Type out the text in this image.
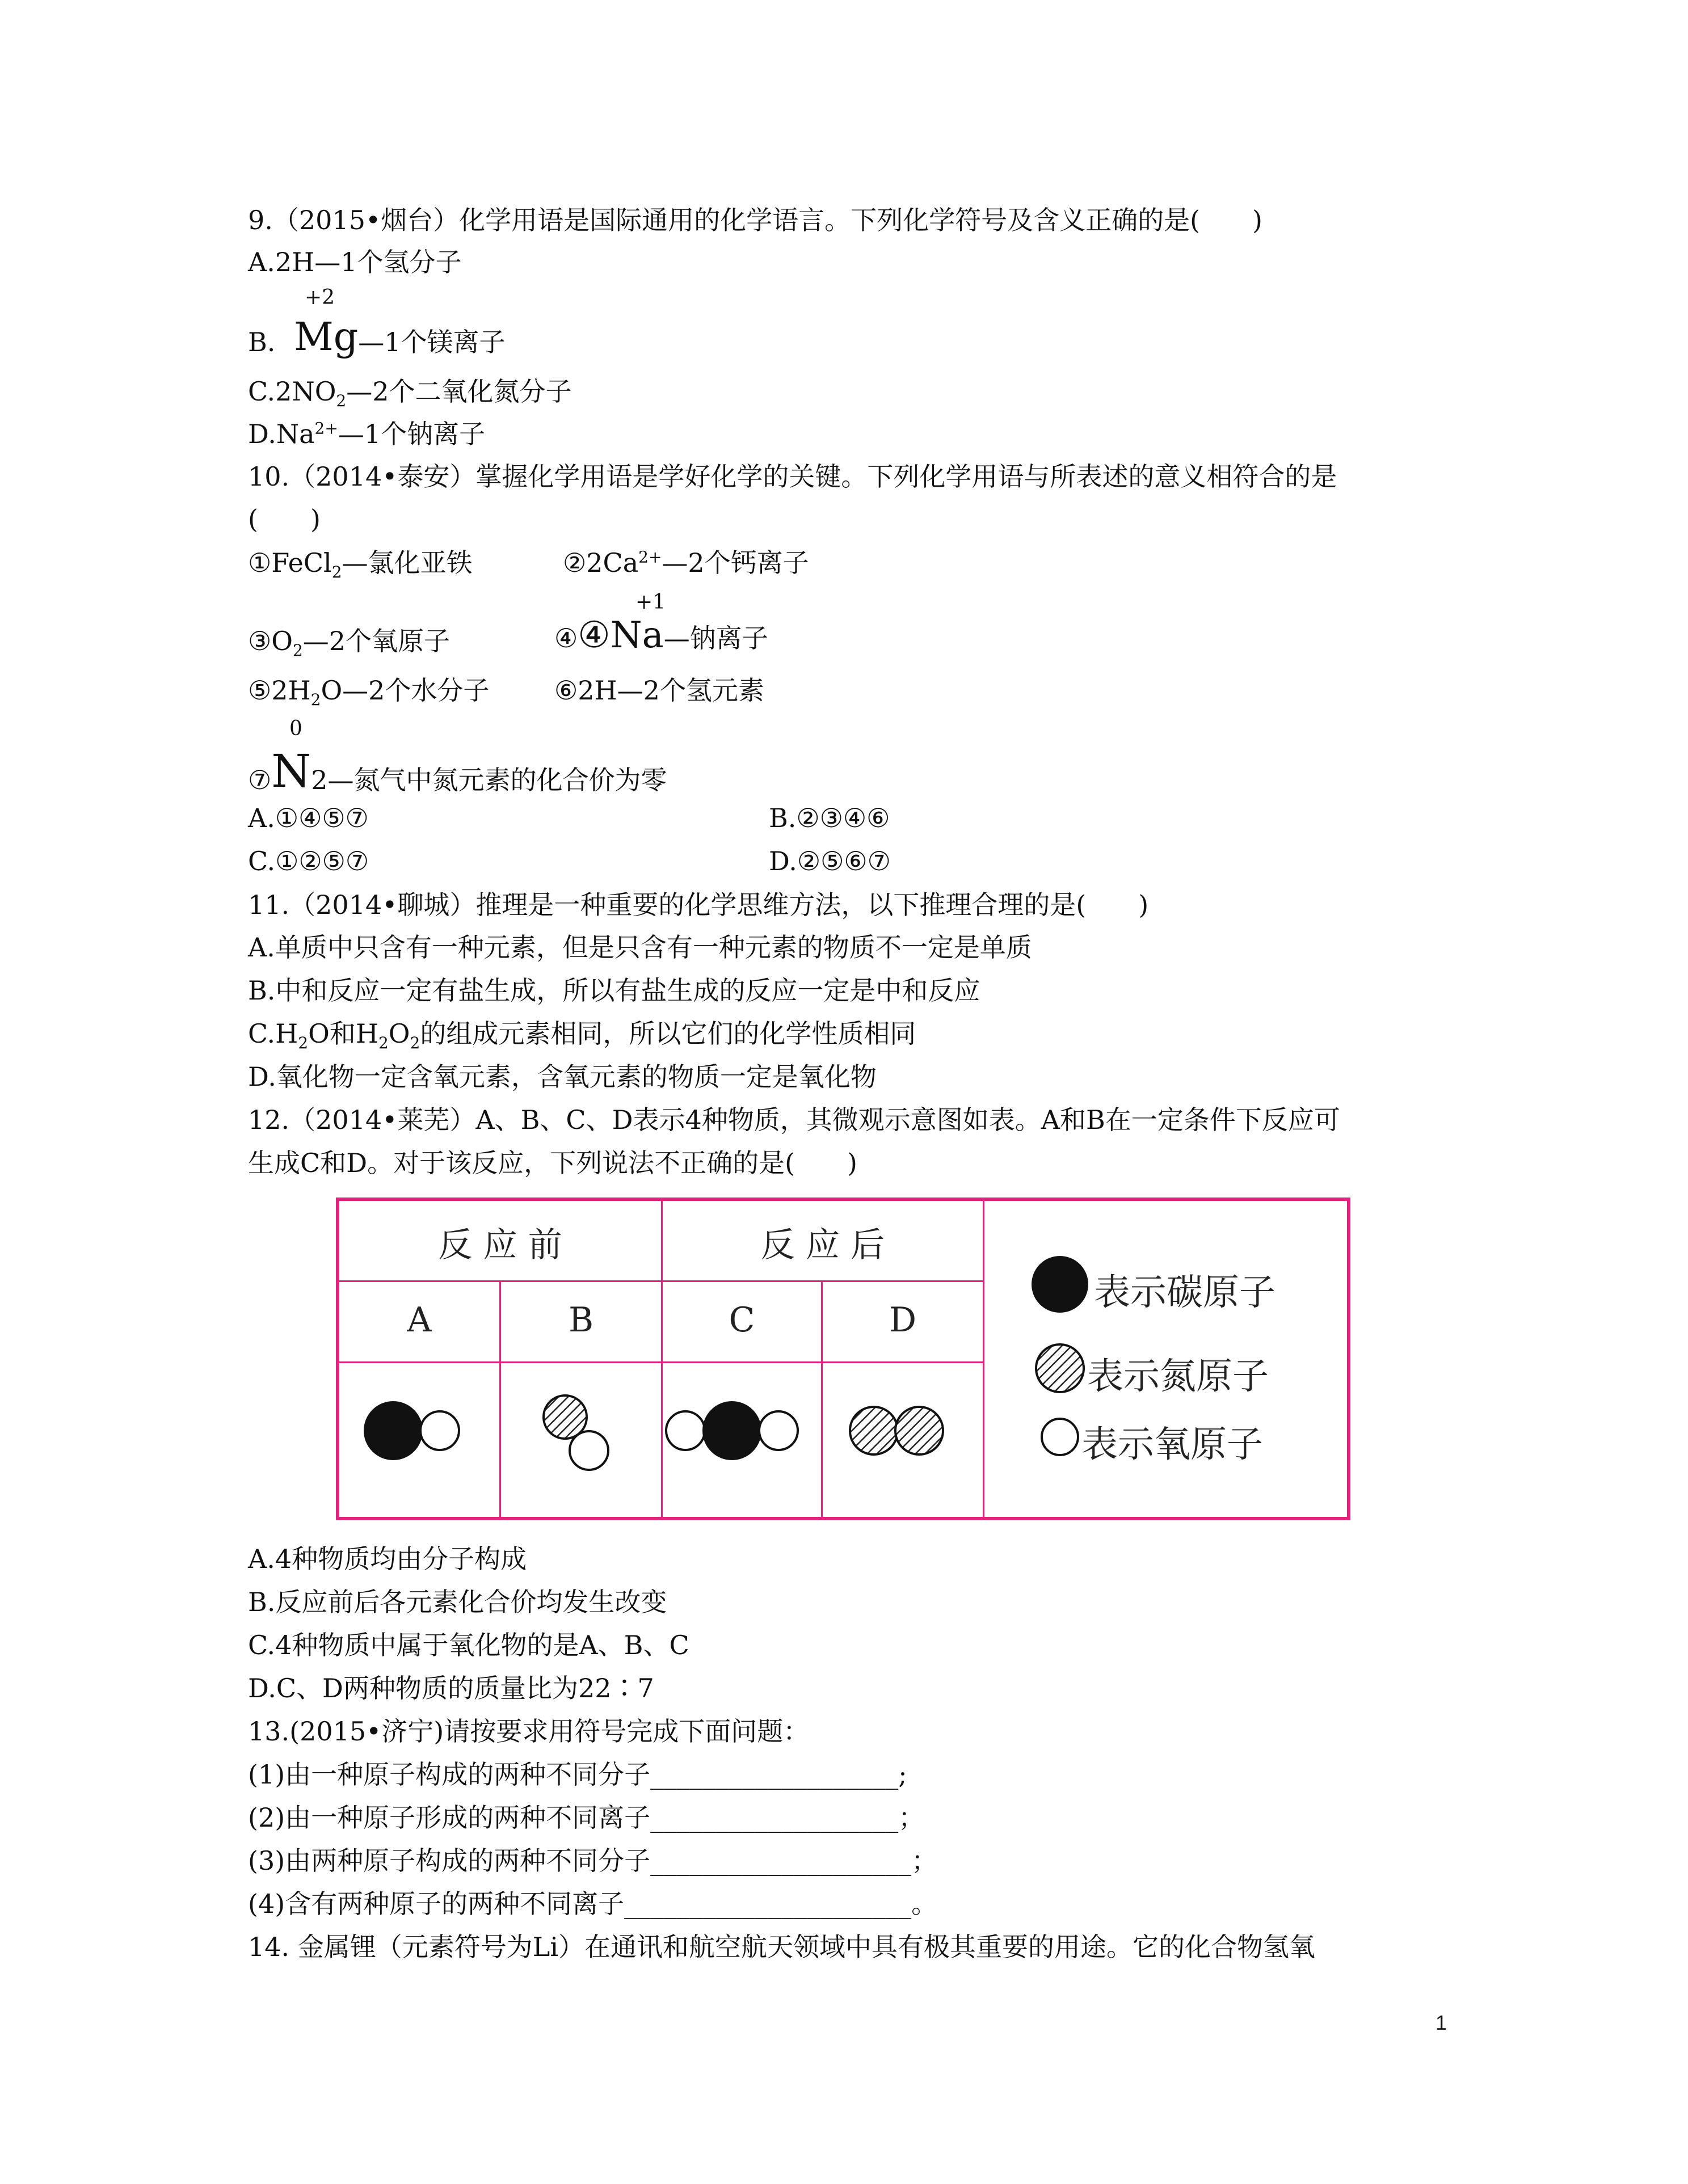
9.（2015•烟台）化学用语是国际通用的化学语言。下列化学符号及含义正确的是(　　)
A.2H—1个氢分子
+2
B. Mg—1个镁离子
$C.2NO_2—2$个二氧化氮分子
$D.Na^{2+}—1$个钠离子
10.（2014•泰安）掌握化学用语是学好化学的关键。下列化学用语与所表述的意义相符合的是
(　　)
①FeCl$_2$—氯化亚铁	$②2Ca^{2+}—2$个钙离子
$③O_2—2$个氧原子
+1
④④Na—钠离子
$⑤2H_2O—2$个水分子 ⑥2H—2个氢元素
0
⑦N2—氮气中氮元素的化合价为零
A.①④⑤⑦	B.②③④⑥
C.①②⑤⑦	D.②⑤⑥⑦
11.（2014•聊城）推理是一种重要的化学思维方法，以下推理合理的是(　　)
A.单质中只含有一种元素，但是只含有一种元素的物质不一定是单质
B.中和反应一定有盐生成，所以有盐生成的反应一定是中和反应
$C.H_2O$和$H_2O_2$的组成元素相同，所以它们的化学性质相同
D.氧化物一定含氧元素，含氧元素的物质一定是氧化物
12.（2014•莱芜）A、B、C、D表示4种物质，其微观示意图如表。A和B在一定条件下反应可
生成C和D。对于该反应，下列说法不正确的是(　　)
反 应 前	反 应 后
A	B	C	D
表示碳原子
表示氮原子
表示氧原子
A.4种物质均由分子构成
B.反应前后各元素化合价均发生改变
C.4种物质中属于氧化物的是A、B、C
D.C、D两种物质的质量比为22∶7
13.(2015•济宁)请按要求用符号完成下面问题：
(1)由一种原子构成的两种不同分子___________________;
(2)由一种原子形成的两种不同离子___________________；
(3)由两种原子构成的两种不同分子____________________；
(4)含有两种原子的两种不同离子______________________。
14. 金属锂（元素符号为Li）在通讯和航空航天领域中具有极其重要的用途。它的化合物氢氧
1
